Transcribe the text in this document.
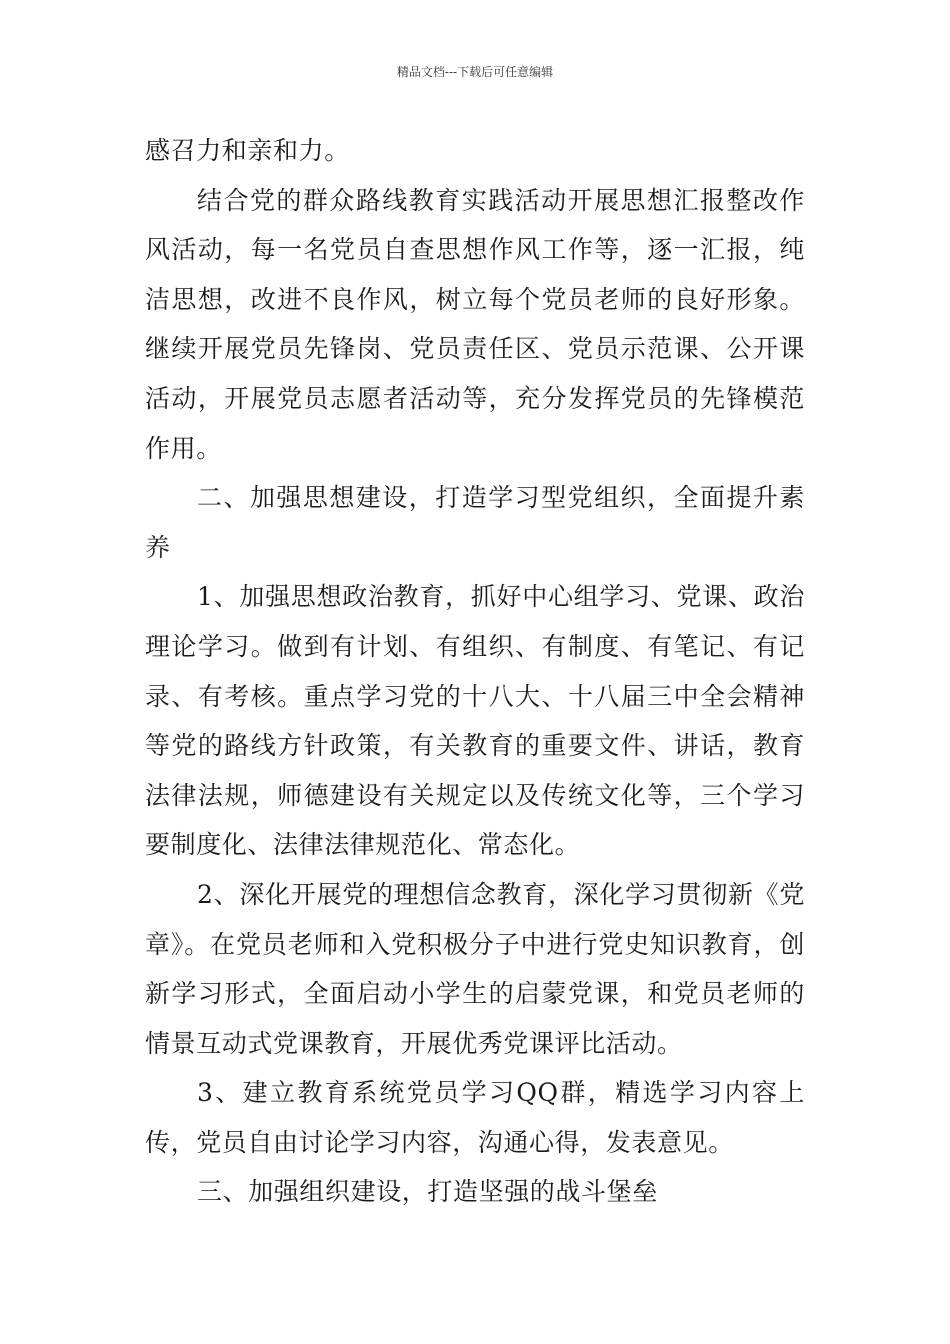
精品文档---下载后可任意编辑

感召力和亲和力。

结合党的群众路线教育实践活动开展思想汇报整改作风活动，每一名党员自查思想作风工作等，逐一汇报，纯洁思想，改进不良作风，树立每个党员老师的良好形象。继续开展党员先锋岗、党员责任区、党员示范课、公开课活动，开展党员志愿者活动等，充分发挥党员的先锋模范作用。

二、加强思想建设，打造学习型党组织，全面提升素养

1、加强思想政治教育，抓好中心组学习、党课、政治理论学习。做到有计划、有组织、有制度、有笔记、有记录、有考核。重点学习党的十八大、十八届三中全会精神等党的路线方针政策，有关教育的重要文件、讲话，教育法律法规，师德建设有关规定以及传统文化等，三个学习要制度化、法律法律规范化、常态化。

2、深化开展党的理想信念教育，深化学习贯彻新《党章》。在党员老师和入党积极分子中进行党史知识教育，创新学习形式，全面启动小学生的启蒙党课，和党员老师的情景互动式党课教育，开展优秀党课评比活动。

3、建立教育系统党员学习QQ群，精选学习内容上传，党员自由讨论学习内容，沟通心得，发表意见。

三、加强组织建设，打造坚强的战斗堡垒
